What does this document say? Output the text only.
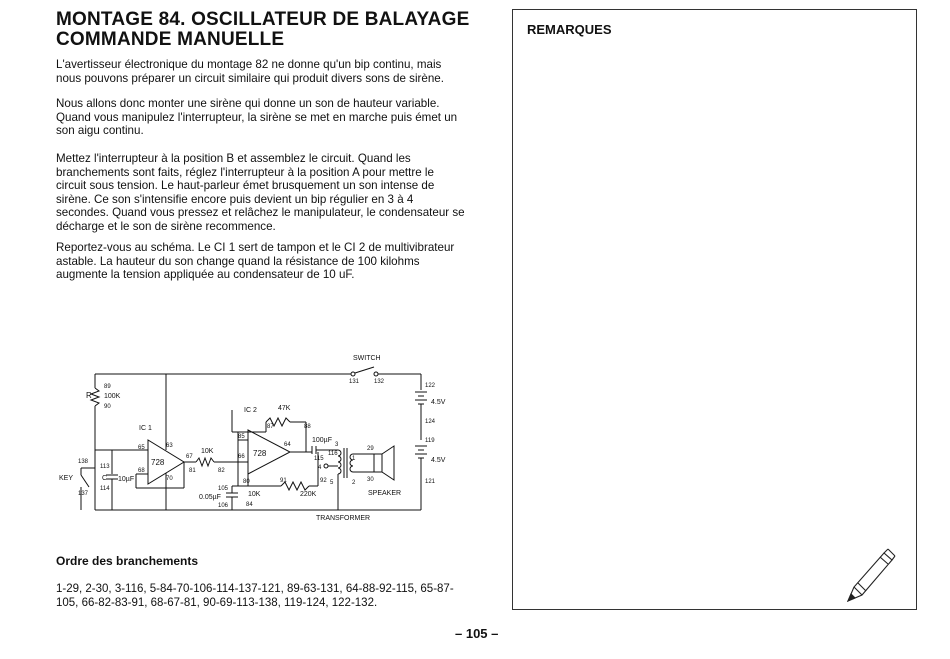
MONTAGE 84. OSCILLATEUR DE BALAYAGE
COMMANDE MANUELLE

L'avertisseur électronique du montage 82 ne donne qu'un bip continu, mais nous pouvons préparer un circuit similaire qui produit divers sons de sirène.

Nous allons donc monter une sirène qui donne un son de hauteur variable. Quand vous manipulez l'interrupteur, la sirène se met en marche puis émet un son aigu continu.

Mettez l'interrupteur à la position B et assemblez le circuit. Quand les branchements sont faits, réglez l'interrupteur à la position A pour mettre le circuit sous tension. Le haut-parleur émet brusquement un son intense de sirène. Ce son s'intensifie encore puis devient un bip régulier en 3 à 4 secondes. Quand vous pressez et relâchez le manipulateur, le condensateur se décharge et le son de sirène recommence.

Reportez-vous au schéma. Le CI 1 sert de tampon et le CI 2 de multivibrateur astable. La hauteur du son change quand la résistance de 100 kilohms augmente la tension appliquée au condensateur de 10 uF.

SWITCH
131 132
122
4.5V
124
119
4.5V
121
R 100K
89
90
IC 1
728
65	63
68
67
70
81
KEY
138
137
C 10µF
113
114
10K
82
IC 2
728
85
64
66
80
47K
87	88
100µF
115
116
3
4
5
1
2
29
30
SPEAKER
220K
91	92
0.05µF
105
106
10K
84
TRANSFORMER
Ordre des branchements

1-29, 2-30, 3-116, 5-84-70-106-114-137-121, 89-63-131, 64-88-92-115, 65-87-105, 66-82-83-91, 68-67-81, 90-69-113-138, 119-124, 122-132.

REMARQUES
– 105 –
